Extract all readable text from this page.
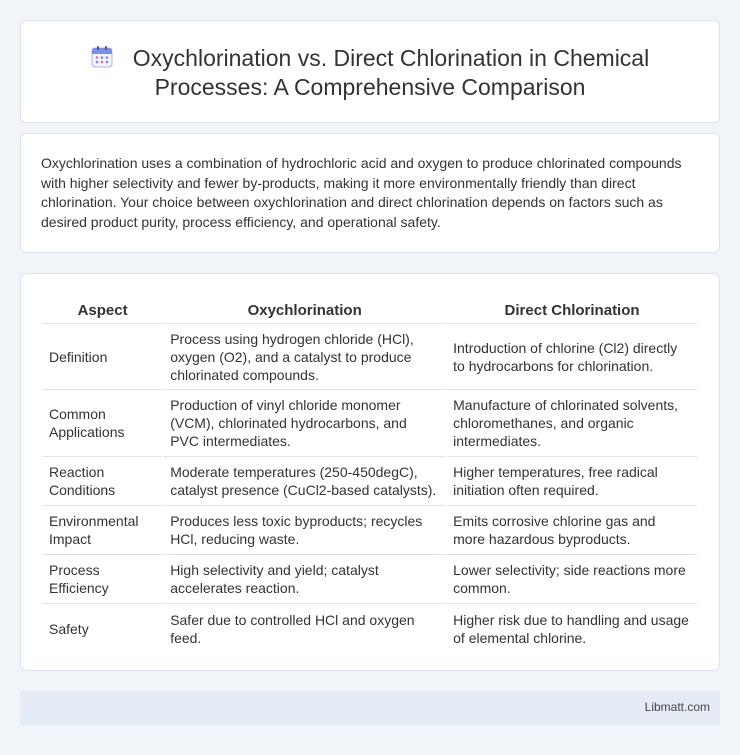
Oxychlorination vs. Direct Chlorination in Chemical
Processes: A Comprehensive Comparison

Oxychlorination uses a combination of hydrochloric acid and oxygen to produce chlorinated compounds with higher selectivity and fewer by-products, making it more environmentally friendly than direct chlorination. Your choice between oxychlorination and direct chlorination depends on factors such as desired product purity, process efficiency, and operational safety.

Aspect	Oxychlorination	Direct Chlorination
Definition	Process using hydrogen chloride (HCl), oxygen (O2), and a catalyst to produce chlorinated compounds.	Introduction of chlorine (Cl2) directly to hydrocarbons for chlorination.
Common Applications	Production of vinyl chloride monomer (VCM), chlorinated hydrocarbons, and PVC intermediates.	Manufacture of chlorinated solvents, chloromethanes, and organic intermediates.
Reaction Conditions	Moderate temperatures (250-450degC), catalyst presence (CuCl2-based catalysts).	Higher temperatures, free radical initiation often required.
Environmental Impact	Produces less toxic byproducts; recycles HCl, reducing waste.	Emits corrosive chlorine gas and more hazardous byproducts.
Process Efficiency	High selectivity and yield; catalyst accelerates reaction.	Lower selectivity; side reactions more common.
Safety	Safer due to controlled HCl and oxygen feed.	Higher risk due to handling and usage of elemental chlorine.
Libmatt.com
